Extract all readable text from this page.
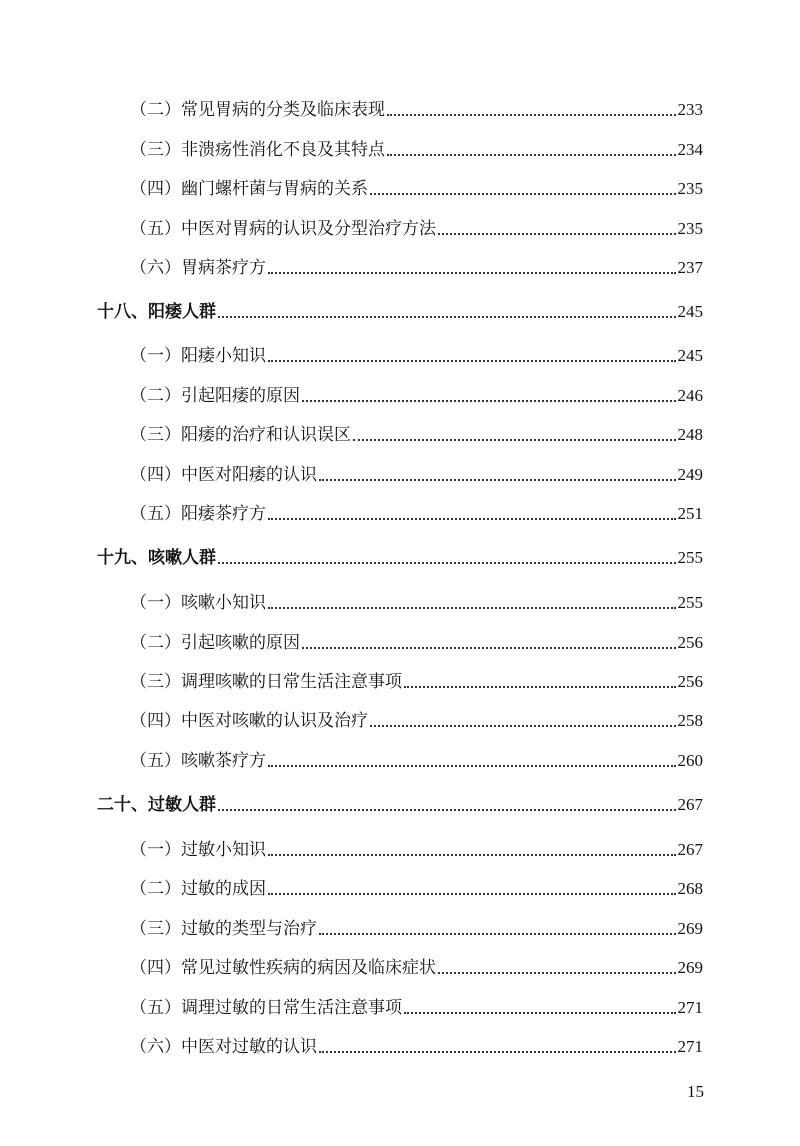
（二）常见胃病的分类及临床表现	233
（三）非溃疡性消化不良及其特点	234
（四）幽门螺杆菌与胃病的关系	235
（五）中医对胃病的认识及分型治疗方法	235
（六）胃病茶疗方	237
十八、阳痿人群	245
（一）阳痿小知识	245
（二）引起阳痿的原因	246
（三）阳痿的治疗和认识误区	248
（四）中医对阳痿的认识	249
（五）阳痿茶疗方	251
十九、咳嗽人群	255
（一）咳嗽小知识	255
（二）引起咳嗽的原因	256
（三）调理咳嗽的日常生活注意事项	256
（四）中医对咳嗽的认识及治疗	258
（五）咳嗽茶疗方	260
二十、过敏人群	267
（一）过敏小知识	267
（二）过敏的成因	268
（三）过敏的类型与治疗	269
（四）常见过敏性疾病的病因及临床症状	269
（五）调理过敏的日常生活注意事项	271
（六）中医对过敏的认识	271
15
